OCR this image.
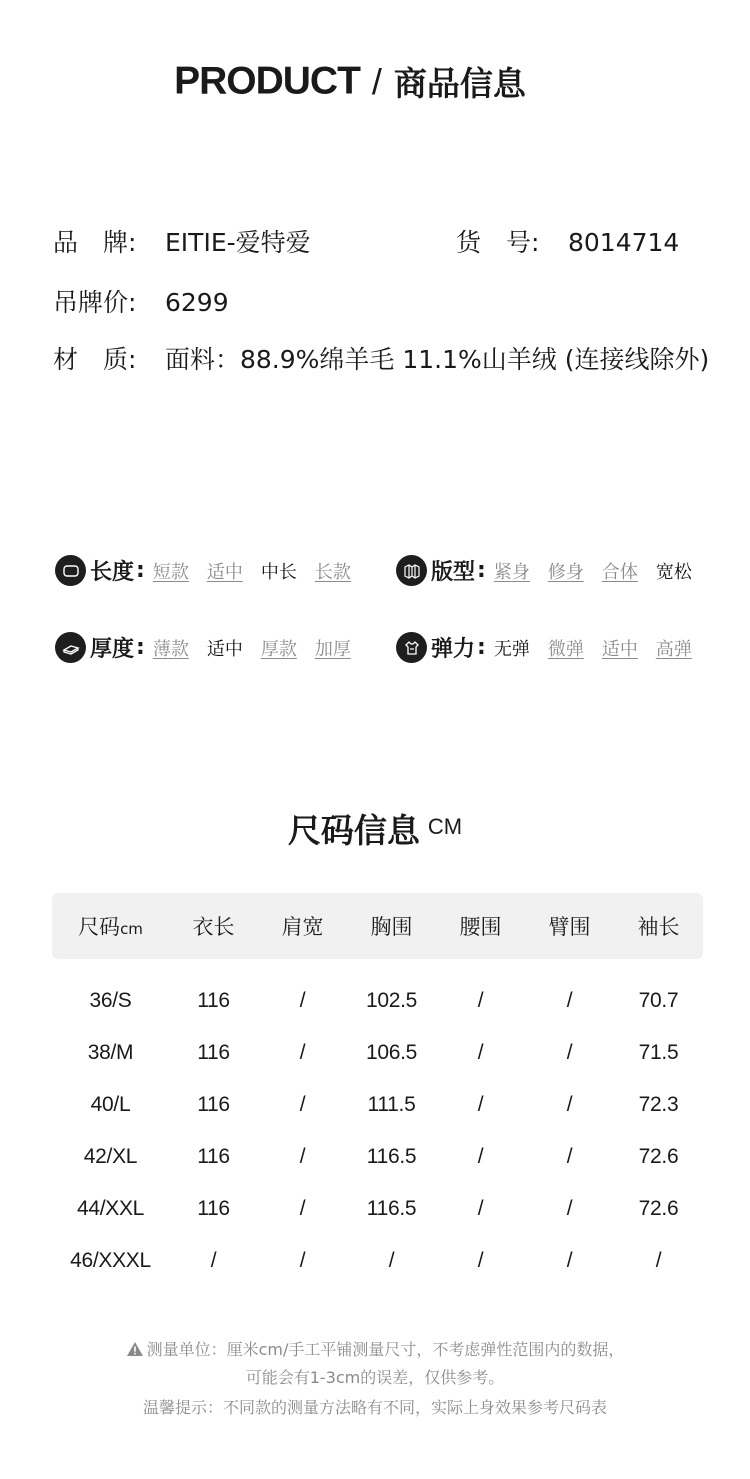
PRODUCT / 商品信息
品　牌: EITIE-爱特爱	货　号: 8014714
吊牌价: 6299
材　质: 面料：88.9%绵羊毛 11.1%山羊绒 (连接线除外)
长度 : 短款 适中 中长 长款	版型 : 紧身 修身 合体 宽松
厚度 : 薄款 适中 厚款 加厚	弹力 : 无弹 微弹 适中 高弹
尺码信息 CM
尺码cm	衣长	肩宽	胸围	腰围	臂围	袖长
36/S	116	/	102.5	/	/	70.7
38/M	116	/	106.5	/	/	71.5
40/L	116	/	111.5	/	/	72.3
42/XL	116	/	116.5	/	/	72.6
44/XXL	116	/	116.5	/	/	72.6
46/XXXL	/	/	/	/	/	/
测量单位：厘米cm/手工平铺测量尺寸，不考虑弹性范围内的数据，
可能会有1-3cm的误差，仅供参考。
温馨提示：不同款的测量方法略有不同，实际上身效果参考尺码表
